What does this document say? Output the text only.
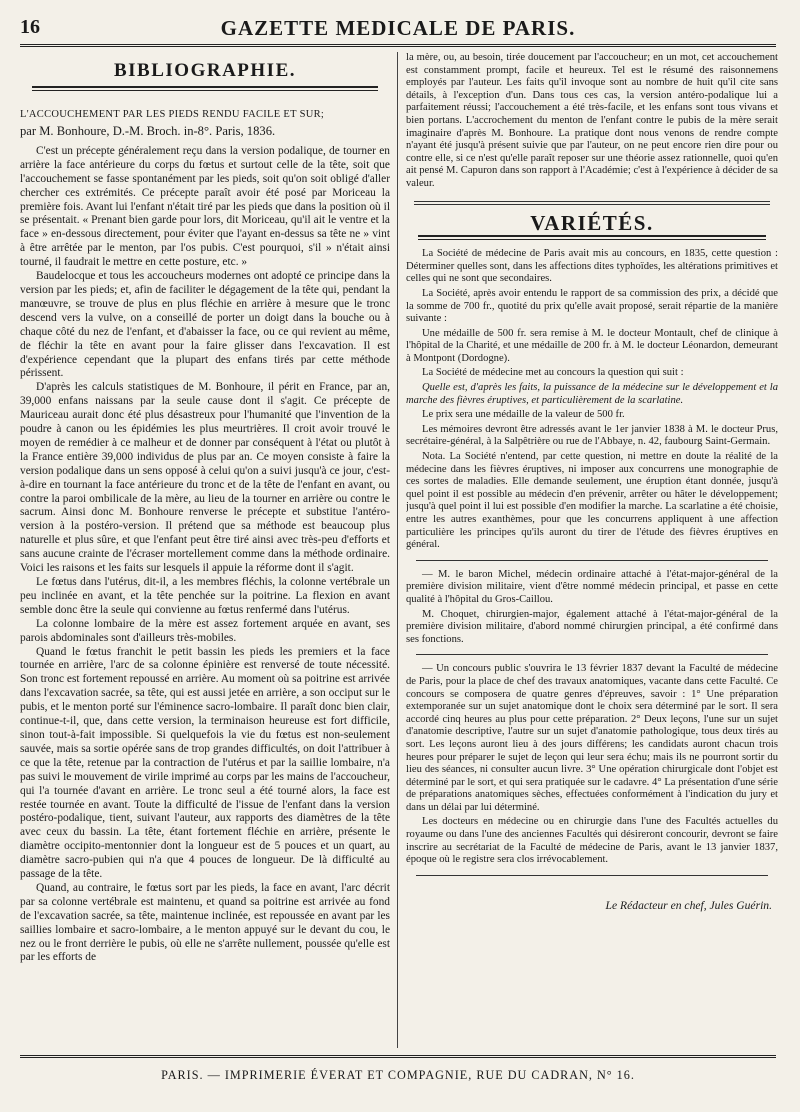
16	GAZETTE MEDICALE DE PARIS.
BIBLIOGRAPHIE.
L'ACCOUCHEMENT PAR LES PIEDS RENDU FACILE ET SUR;
par M. Bonhoure, D.-M. Broch. in-8°. Paris, 1836.

C'est un précepte généralement reçu dans la version podalique, de tourner en arrière la face antérieure du corps du fœtus et surtout celle de la tête, soit que l'accouchement se fasse spontanément par les pieds, soit qu'on soit obligé d'aller chercher ces extrémités. Ce précepte paraît avoir été posé par Moriceau la première fois. Avant lui l'enfant n'était tiré par les pieds que dans la position où il se présentait. « Prenant bien garde pour lors, dit Moriceau, qu'il ait le ventre et la face » en-dessous directement, pour éviter que l'ayant en-dessus sa tête ne » vint à être arrêtée par le menton, par l'os pubis. C'est pourquoi, s'il » n'était ainsi tourné, il faudrait le mettre en cette posture, etc. »

Baudelocque et tous les accoucheurs modernes ont adopté ce principe dans la version par les pieds; et, afin de faciliter le dégagement de la tête qui, pendant la manœuvre, se trouve de plus en plus fléchie en arrière à mesure que le tronc descend vers la vulve, on a conseillé de porter un doigt dans la bouche ou à chaque côté du nez de l'enfant, et d'abaisser la face, ou ce qui revient au même, de fléchir la tête en avant pour la faire glisser dans l'excavation. Il est d'expérience cependant que la plupart des enfans tirés par cette méthode périssent.

D'après les calculs statistiques de M. Bonhoure, il périt en France, par an, 39,000 enfans naissans par la seule cause dont il s'agit. Ce précepte de Mauriceau aurait donc été plus désastreux pour l'humanité que l'invention de la poudre à canon ou les épidémies les plus meurtrières. Il croit avoir trouvé le moyen de remédier à ce malheur et de donner par conséquent à l'état ou plutôt à la France entière 39,000 individus de plus par an. Ce moyen consiste à faire la version podalique dans un sens opposé à celui qu'on a suivi jusqu'à ce jour, c'est-à-dire en tournant la face antérieure du tronc et de la tête de l'enfant en avant, ou contre la paroi ombilicale de la mère, au lieu de la tourner en arrière ou contre le sacrum. Ainsi donc M. Bonhoure renverse le précepte et substitue l'antéro-version à la postéro-version. Il prétend que sa méthode est beaucoup plus naturelle et plus sûre, et que l'enfant peut être tiré ainsi avec très-peu d'efforts et sans aucune crainte de l'écraser mortellement comme dans la méthode ordinaire. Voici les raisons et les faits sur lesquels il appuie la réforme dont il s'agit.

Le fœtus dans l'utérus, dit-il, a les membres fléchis, la colonne vertébrale un peu inclinée en avant, et la tête penchée sur la poitrine. La flexion en avant semble donc être la seule qui convienne au fœtus renfermé dans l'utérus.

La colonne lombaire de la mère est assez fortement arquée en avant, ses parois abdominales sont d'ailleurs très-mobiles.

Quand le fœtus franchit le petit bassin les pieds les premiers et la face tournée en arrière, l'arc de sa colonne épinière est renversé de toute nécessité. Son tronc est fortement repoussé en arrière. Au moment où sa poitrine est arrivée dans l'excavation sacrée, sa tête, qui est aussi jetée en arrière, a son occiput sur le pubis, et le menton porté sur l'éminence sacro-lombaire. Il paraît donc bien clair, continue-t-il, que, dans cette version, la terminaison heureuse est fort difficile, sinon tout-à-fait impossible. Si quelquefois la vie du fœtus est non-seulement sauvée, mais sa sortie opérée sans de trop grandes difficultés, on doit l'attribuer à ce que la tête, retenue par la contraction de l'utérus et par la saillie lombaire, n'a pas suivi le mouvement de virile imprimé au corps par les mains de l'accoucheur, qui l'a tournée d'avant en arrière. Le tronc seul a été tourné alors, la face est restée tournée en avant. Toute la difficulté de l'issue de l'enfant dans la version postéro-podalique, tient, suivant l'auteur, aux rapports des diamètres de la tête avec ceux du bassin. La tête, étant fortement fléchie en arrière, présente le diamètre occipito-mentonnier dont la longueur est de 5 pouces et un quart, au diamètre sacro-pubien qui n'a que 4 pouces de longueur. De là difficulté au passage de la tête.

Quand, au contraire, le fœtus sort par les pieds, la face en avant, l'arc décrit par sa colonne vertébrale est maintenu, et quand sa poitrine est arrivée au fond de l'excavation sacrée, sa tête, maintenue inclinée, est repoussée en avant par les saillies lombaire et sacro-lombaire, a le menton appuyé sur le devant du cou, le nez ou le front derrière le pubis, où elle ne s'arrête nullement, poussée qu'elle est par les efforts de

la mère, ou, au besoin, tirée doucement par l'accoucheur; en un mot, cet accouchement est constamment prompt, facile et heureux. Tel est le résumé des raisonnemens employés par l'auteur. Les faits qu'il invoque sont au nombre de huit qu'il cite sans détails, à l'exception d'un. Dans tous ces cas, la version antéro-podalique lui a parfaitement réussi; l'accouchement a été très-facile, et les enfans sont tous vivans et bien portans. L'accrochement du menton de l'enfant contre le pubis de la mère serait imaginaire d'après M. Bonhoure. La pratique dont nous venons de rendre compte n'ayant été jusqu'à présent suivie que par l'auteur, on ne peut encore rien dire pour ou contre elle, si ce n'est qu'elle paraît reposer sur une théorie assez rationnelle, quoi qu'en ait pensé M. Capuron dans son rapport à l'Académie; c'est à l'expérience à décider de sa valeur.

VARIÉTÉS.

La Société de médecine de Paris avait mis au concours, en 1835, cette question : Déterminer quelles sont, dans les affections dites typhoïdes, les altérations primitives et celles qui ne sont que secondaires.

La Société, après avoir entendu le rapport de sa commission des prix, a décidé que la somme de 700 fr., quotité du prix qu'elle avait proposé, serait répartie de la manière suivante :

Une médaille de 500 fr. sera remise à M. le docteur Montault, chef de clinique à l'hôpital de la Charité, et une médaille de 200 fr. à M. le docteur Léonardon, demeurant à Montpont (Dordogne).

La Société de médecine met au concours la question qui suit :

Quelle est, d'après les faits, la puissance de la médecine sur le développement et la marche des fièvres éruptives, et particulièrement de la scarlatine.

Le prix sera une médaille de la valeur de 500 fr.

Les mémoires devront être adressés avant le 1er janvier 1838 à M. le docteur Prus, secrétaire-général, à la Salpêtrière ou rue de l'Abbaye, n. 42, faubourg Saint-Germain.

Nota. La Société n'entend, par cette question, ni mettre en doute la réalité de la médecine dans les fièvres éruptives, ni imposer aux concurrens une monographie de ces sortes de maladies. Elle demande seulement, une éruption étant donnée, jusqu'à quel point il est possible au médecin d'en prévenir, arrêter ou hâter le développement; jusqu'à quel point il lui est possible d'en modifier la marche. La scarlatine a été choisie, entre les autres exanthèmes, pour que les concurrens appliquent à une affection particulière les principes qu'ils auront du tirer de l'étude des fièvres éruptives en général.

— M. le baron Michel, médecin ordinaire attaché à l'état-major-général de la première division militaire, vient d'être nommé médecin principal, et passe en cette qualité à l'hôpital du Gros-Caillou.

M. Choquet, chirurgien-major, également attaché à l'état-major-général de la première division militaire, d'abord nommé chirurgien principal, a été confirmé dans ses fonctions.

— Un concours public s'ouvrira le 13 février 1837 devant la Faculté de médecine de Paris, pour la place de chef des travaux anatomiques, vacante dans cette Faculté. Ce concours se composera de quatre genres d'épreuves, savoir : 1° Une préparation extemporanée sur un sujet anatomique dont le choix sera déterminé par le sort. Il sera accordé cinq heures au plus pour cette préparation. 2° Deux leçons, l'une sur un sujet d'anatomie descriptive, l'autre sur un sujet d'anatomie pathologique, tous deux tirés au sort. Les leçons auront lieu à des jours différens; les candidats auront chacun trois heures pour préparer le sujet de leçon qui leur sera échu; mais ils ne pourront sortir du lieu des séances, ni consulter aucun livre. 3° Une opération chirurgicale dont l'objet est déterminé par le sort, et qui sera pratiquée sur le cadavre. 4° La présentation d'une série de préparations anatomiques sèches, effectuées conformément à l'indication du jury et dans un délai par lui déterminé.

Les docteurs en médecine ou en chirurgie dans l'une des Facultés actuelles du royaume ou dans l'une des anciennes Facultés qui désireront concourir, devront se faire inscrire au secrétariat de la Faculté de médecine de Paris, avant le 13 janvier 1837, époque où le registre sera clos irrévocablement.

Le Rédacteur en chef, Jules Guérin.
PARIS. — IMPRIMERIE ÉVERAT ET COMPAGNIE, RUE DU CADRAN, N° 16.
